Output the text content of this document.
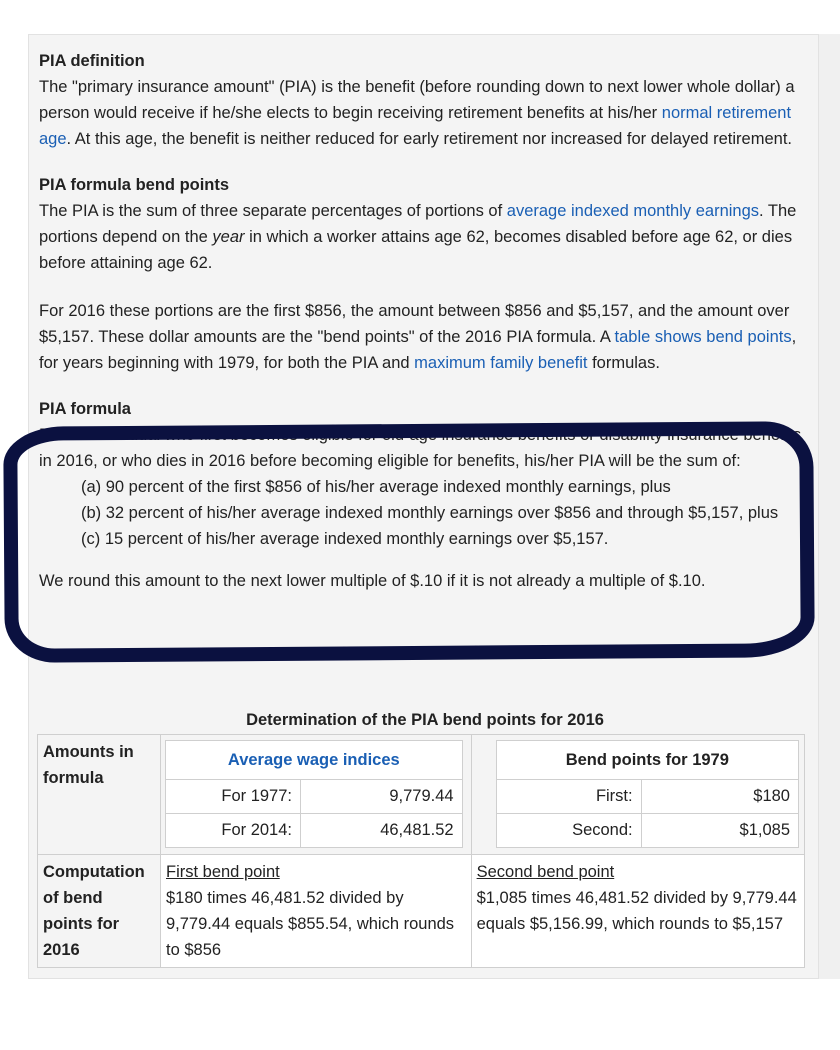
PIA definition

The "primary insurance amount" (PIA) is the benefit (before rounding down to next lower whole dollar) a person would receive if he/she elects to begin receiving retirement benefits at his/her normal retirement age. At this age, the benefit is neither reduced for early retirement nor increased for delayed retirement.

PIA formula bend points

The PIA is the sum of three separate percentages of portions of average indexed monthly earnings. The portions depend on the year in which a worker attains age 62, becomes disabled before age 62, or dies before attaining age 62.

For 2016 these portions are the first $856, the amount between $856 and $5,157, and the amount over $5,157. These dollar amounts are the "bend points" of the 2016 PIA formula. A table shows bend points, for years beginning with 1979, for both the PIA and maximum family benefit formulas.

PIA formula

For an individual who first becomes eligible for old-age insurance benefits or disability insurance benefits in 2016, or who dies in 2016 before becoming eligible for benefits, his/her PIA will be the sum of:

(a) 90 percent of the first $856 of his/her average indexed monthly earnings, plus
(b) 32 percent of his/her average indexed monthly earnings over $856 and through $5,157, plus
(c) 15 percent of his/her average indexed monthly earnings over $5,157.

We round this amount to the next lower multiple of $.10 if it is not already a multiple of $.10.

Determination of the PIA bend points for 2016
Amounts in formula	
Average wage indices
For 1977:	9,779.44
For 2014:	46,481.52

Bend points for 1979
First:	$180
Second:	$1,085

Computation of bend points for 2016	
First bend point
$180 times 46,481.52 divided by 9,779.44 equals $855.54, which rounds to $856

Second bend point
$1,085 times 46,481.52 divided by 9,779.44 equals $5,156.99, which rounds to $5,157
